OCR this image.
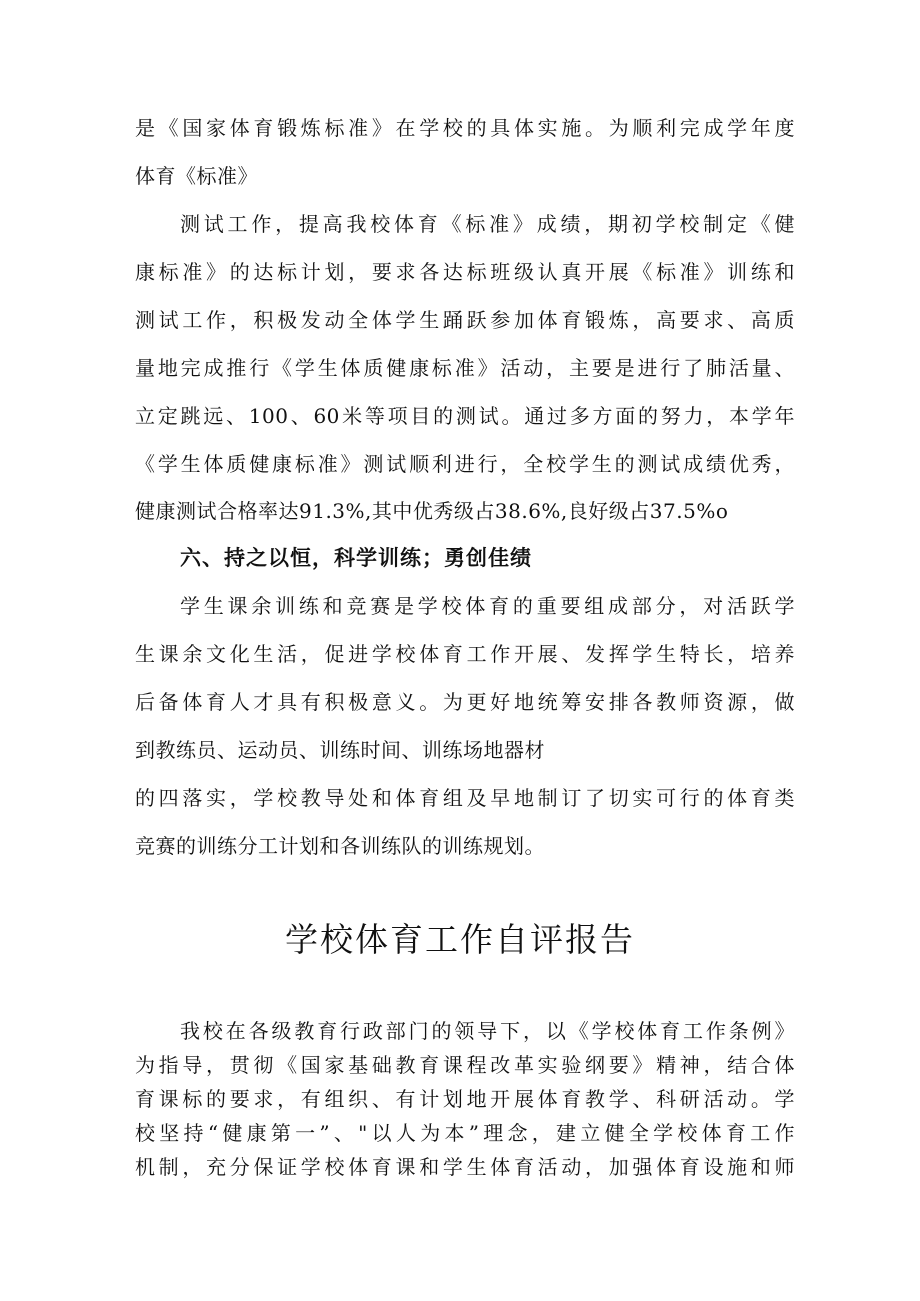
是《国家体育锻炼标准》在学校的具体实施。为顺利完成学年度
体育《标准》
测试工作，提高我校体育《标准》成绩，期初学校制定《健
康标准》的达标计划，要求各达标班级认真开展《标准》训练和
测试工作，积极发动全体学生踊跃参加体育锻炼，高要求、高质
量地完成推行《学生体质健康标准》活动，主要是进行了肺活量、
立定跳远、100、60米等项目的测试。通过多方面的努力，本学年
《学生体质健康标准》测试顺利进行，全校学生的测试成绩优秀，
健康测试合格率达91.3%,其中优秀级占38.6%,良好级占37.5%o
六、持之以恒，科学训练；勇创佳绩
学生课余训练和竞赛是学校体育的重要组成部分，对活跃学
生课余文化生活，促进学校体育工作开展、发挥学生特长，培养
后备体育人才具有积极意义。为更好地统筹安排各教师资源，做
到教练员、运动员、训练时间、训练场地器材
的四落实，学校教导处和体育组及早地制订了切实可行的体育类
竞赛的训练分工计划和各训练队的训练规划。
学校体育工作自评报告
我校在各级教育行政部门的领导下，以《学校体育工作条例》
为指导，贯彻《国家基础教育课程改革实验纲要》精神，结合体
育课标的要求，有组织、有计划地开展体育教学、科研活动。学
校坚持“健康第一”、"以人为本”理念，建立健全学校体育工作
机制，充分保证学校体育课和学生体育活动，加强体育设施和师
